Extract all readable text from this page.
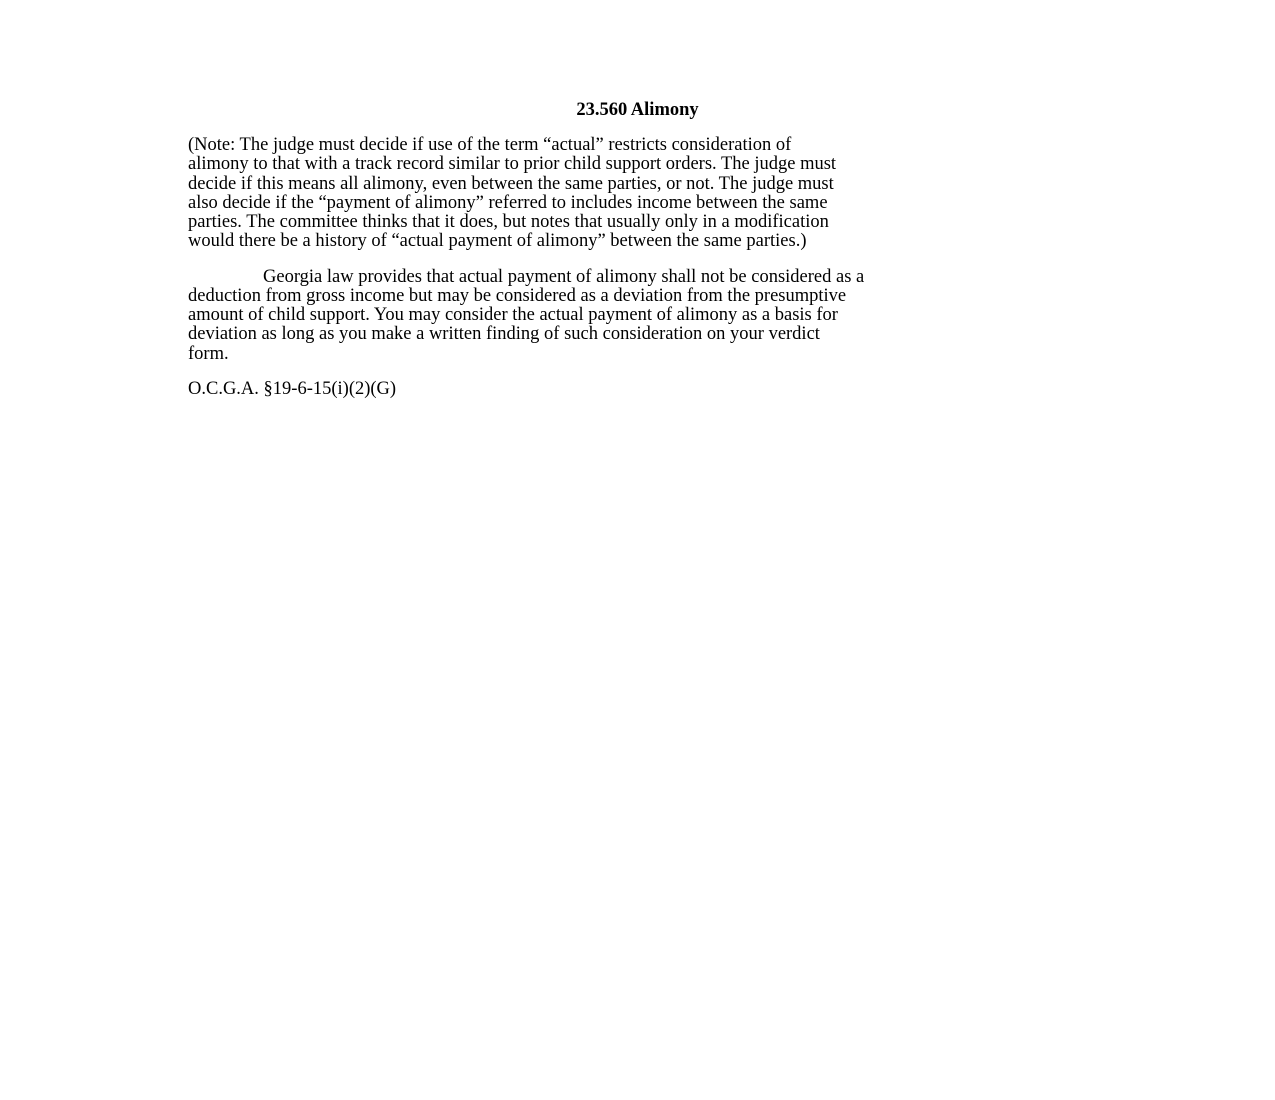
23.560 Alimony
(Note: The judge must decide if use of the term “actual” restricts consideration of
alimony to that with a track record similar to prior child support orders. The judge must
decide if this means all alimony, even between the same parties, or not. The judge must
also decide if the “payment of alimony” referred to includes income between the same
parties. The committee thinks that it does, but notes that usually only in a modification
would there be a history of “actual payment of alimony” between the same parties.)
Georgia law provides that actual payment of alimony shall not be considered as a
deduction from gross income but may be considered as a deviation from the presumptive
amount of child support. You may consider the actual payment of alimony as a basis for
deviation as long as you make a written finding of such consideration on your verdict
form.
O.C.G.A. §19-6-15(i)(2)(G)
